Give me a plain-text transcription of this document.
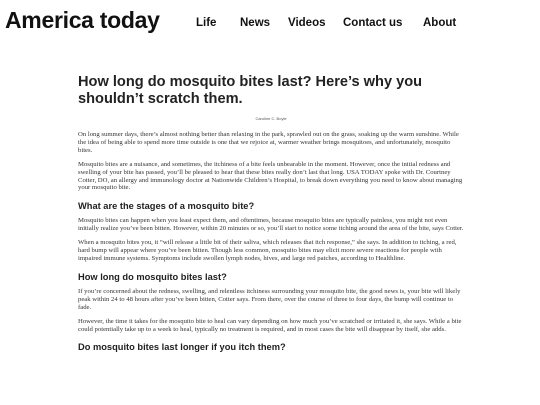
America today	Life News Videos Contact us About
How long do mosquito bites last? Here’s why you shouldn’t scratch them.

Caroline C. Boyle

On long summer days, there’s almost nothing better than relaxing in the park, sprawled out on the grass, soaking up the warm sunshine. While the idea of being able to spend more time outside is one that we rejoice at, warmer weather brings mosquitoes, and unfortunately, mosquito bites.

Mosquito bites are a nuisance, and sometimes, the itchiness of a bite feels unbearable in the moment. However, once the initial redness and swelling of your bite has passed, you’ll be pleased to hear that these bites really don’t last that long. USA TODAY spoke with Dr. Courtney Cotter, DO, an allergy and immunology doctor at Nationwide Children’s Hospital, to break down everything you need to know about managing your mosquito bite.

What are the stages of a mosquito bite?

Mosquito bites can happen when you least expect them, and oftentimes, because mosquito bites are typically painless, you might not even initially realize you’ve been bitten. However, within 20 minutes or so, you’ll start to notice some itching around the area of the bite, says Cotter.

When a mosquito bites you, it “will release a little bit of their saliva, which releases that itch response,” she says. In addition to itching, a red, hard bump will appear where you’ve been bitten. Though less common, mosquito bites may elicit more severe reactions for people with impaired immune systems. Symptoms include swollen lymph nodes, hives, and large red patches, according to Healthline.

How long do mosquito bites last?

If you’re concerned about the redness, swelling, and relentless itchiness surrounding your mosquito bite, the good news is, your bite will likely peak within 24 to 48 hours after you’ve been bitten, Cotter says. From there, over the course of three to four days, the bump will continue to fade.

However, the time it takes for the mosquito bite to heal can vary depending on how much you’ve scratched or irritated it, she says. While a bite could potentially take up to a week to heal, typically no treatment is required, and in most cases the bite will disappear by itself, she adds.

Do mosquito bites last longer if you itch them?
